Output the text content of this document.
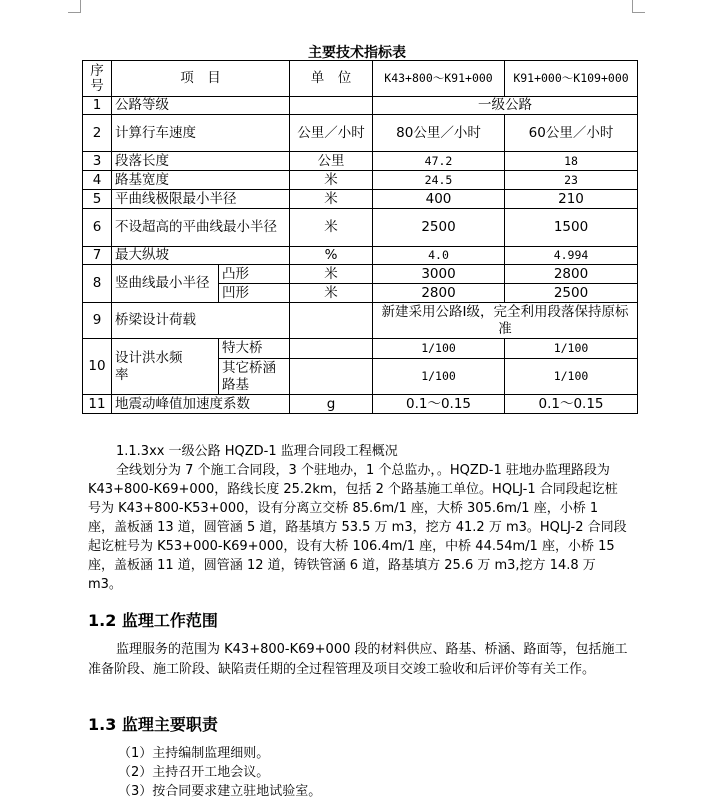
主要技术指标表
序号	项　目		单　位	K43+800～K91+000	K91+000～K109+000
1	公路等级			一级公路	
2	计算行车速度		公里／小时	80公里／小时	60公里／小时
3	段落长度		公里	47.2	18
4	路基宽度		米	24.5	23
5	平曲线极限最小半径		米	400	210
6	不设超高的平曲线最小半径		米	2500	1500
7	最大纵坡		%	4.0	4.994
8	竖曲线最小半径	凸形	米	3000	2800
		凹形	米	2800	2500
9	桥梁设计荷载			新建采用公路Ⅰ级，完全利用段落保持原标准	
10	设计洪水频率	特大桥		1/100	1/100
		其它桥涵路基		1/100	1/100
11	地震动峰值加速度系数		g	0.1～0.15	0.1～0.15
1.1.3xx 一级公路 HQZD-1 监理合同段工程概况
全线划分为 7 个施工合同段，3 个驻地办，1 个总监办，。HQZD-1 驻地办监理路段为 K43+800-K69+000，路线长度 25.2km，包括 2 个路基施工单位。HQLJ-1 合同段起讫桩号为 K43+800-K53+000，设有分离立交桥 85.6m/1 座，大桥 305.6m/1 座，小桥 1 座，盖板涵 13 道，圆管涵 5 道，路基填方 53.5 万 m3，挖方 41.2 万 m3。HQLJ-2 合同段起讫桩号为 K53+000-K69+000，设有大桥 106.4m/1 座，中桥 44.54m/1 座，小桥 15 座，盖板涵 11 道，圆管涵 12 道，铸铁管涵 6 道，路基填方 25.6 万 m3,挖方 14.8 万 m3。
1.2 监理工作范围
监理服务的范围为 K43+800-K69+000 段的材料供应、路基、桥涵、路面等，包括施工准备阶段、施工阶段、缺陷责任期的全过程管理及项目交竣工验收和后评价等有关工作。
1.3 监理主要职责
（1）主持编制监理细则。
（2）主持召开工地会议。
（3）按合同要求建立驻地试验室。
